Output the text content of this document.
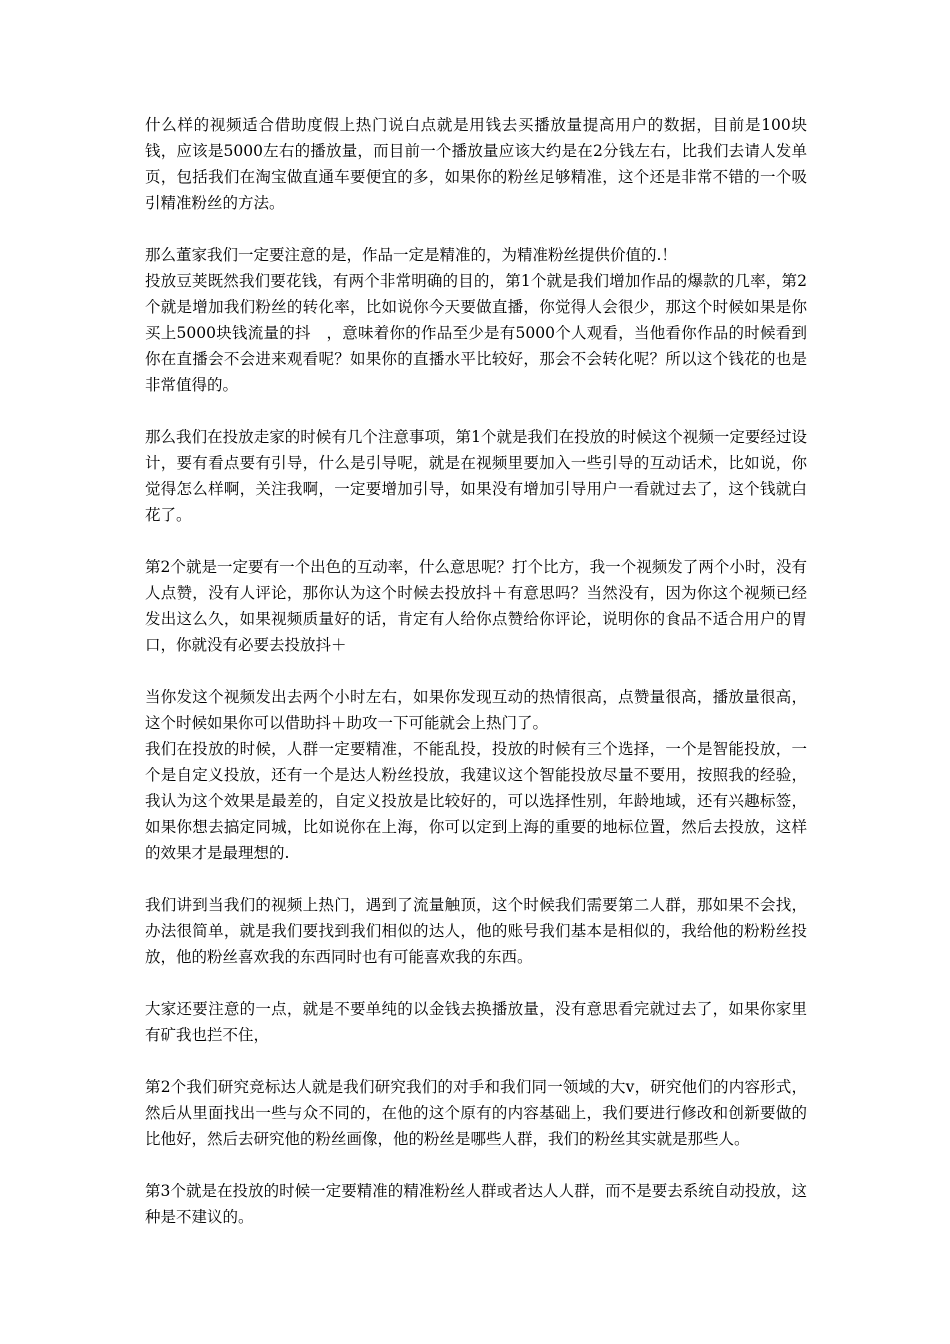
什么样的视频适合借助度假上热门说白点就是用钱去买播放量提高用户的数据，目前是100块钱，应该是5000左右的播放量，而目前一个播放量应该大约是在2分钱左右，比我们去请人发单页，包括我们在淘宝做直通车要便宜的多，如果你的粉丝足够精准，这个还是非常不错的一个吸引精准粉丝的方法。

那么董家我们一定要注意的是，作品一定是精准的，为精准粉丝提供价值的.！

投放豆荚既然我们要花钱，有两个非常明确的目的，第1个就是我们增加作品的爆款的几率，第2个就是增加我们粉丝的转化率，比如说你今天要做直播，你觉得人会很少，那这个时候如果是你买上5000块钱流量的抖　，意味着你的作品至少是有5000个人观看，当他看你作品的时候看到你在直播会不会进来观看呢？如果你的直播水平比较好，那会不会转化呢？所以这个钱花的也是非常值得的。

那么我们在投放走家的时候有几个注意事项，第1个就是我们在投放的时候这个视频一定要经过设计，要有看点要有引导，什么是引导呢，就是在视频里要加入一些引导的互动话术，比如说，你觉得怎么样啊，关注我啊，一定要增加引导，如果没有增加引导用户一看就过去了，这个钱就白花了。

第2个就是一定要有一个出色的互动率，什么意思呢？打个比方，我一个视频发了两个小时，没有人点赞，没有人评论，那你认为这个时候去投放抖＋有意思吗？当然没有，因为你这个视频已经发出这么久，如果视频质量好的话，肯定有人给你点赞给你评论，说明你的食品不适合用户的胃口，你就没有必要去投放抖＋

当你发这个视频发出去两个小时左右，如果你发现互动的热情很高，点赞量很高，播放量很高，这个时候如果你可以借助抖＋助攻一下可能就会上热门了。

我们在投放的时候，人群一定要精准，不能乱投，投放的时候有三个选择，一个是智能投放，一个是自定义投放，还有一个是达人粉丝投放，我建议这个智能投放尽量不要用，按照我的经验，我认为这个效果是最差的，自定义投放是比较好的，可以选择性别，年龄地域，还有兴趣标签，如果你想去搞定同城，比如说你在上海，你可以定到上海的重要的地标位置，然后去投放，这样的效果才是最理想的.

我们讲到当我们的视频上热门，遇到了流量触顶，这个时候我们需要第二人群，那如果不会找，办法很简单，就是我们要找到我们相似的达人，他的账号我们基本是相似的，我给他的粉粉丝投放，他的粉丝喜欢我的东西同时也有可能喜欢我的东西。

大家还要注意的一点，就是不要单纯的以金钱去换播放量，没有意思看完就过去了，如果你家里有矿我也拦不住，

第2个我们研究竞标达人就是我们研究我们的对手和我们同一领域的大v，研究他们的内容形式，然后从里面找出一些与众不同的，在他的这个原有的内容基础上，我们要进行修改和创新要做的比他好，然后去研究他的粉丝画像，他的粉丝是哪些人群，我们的粉丝其实就是那些人。

第3个就是在投放的时候一定要精准的精准粉丝人群或者达人人群，而不是要去系统自动投放，这种是不建议的。
